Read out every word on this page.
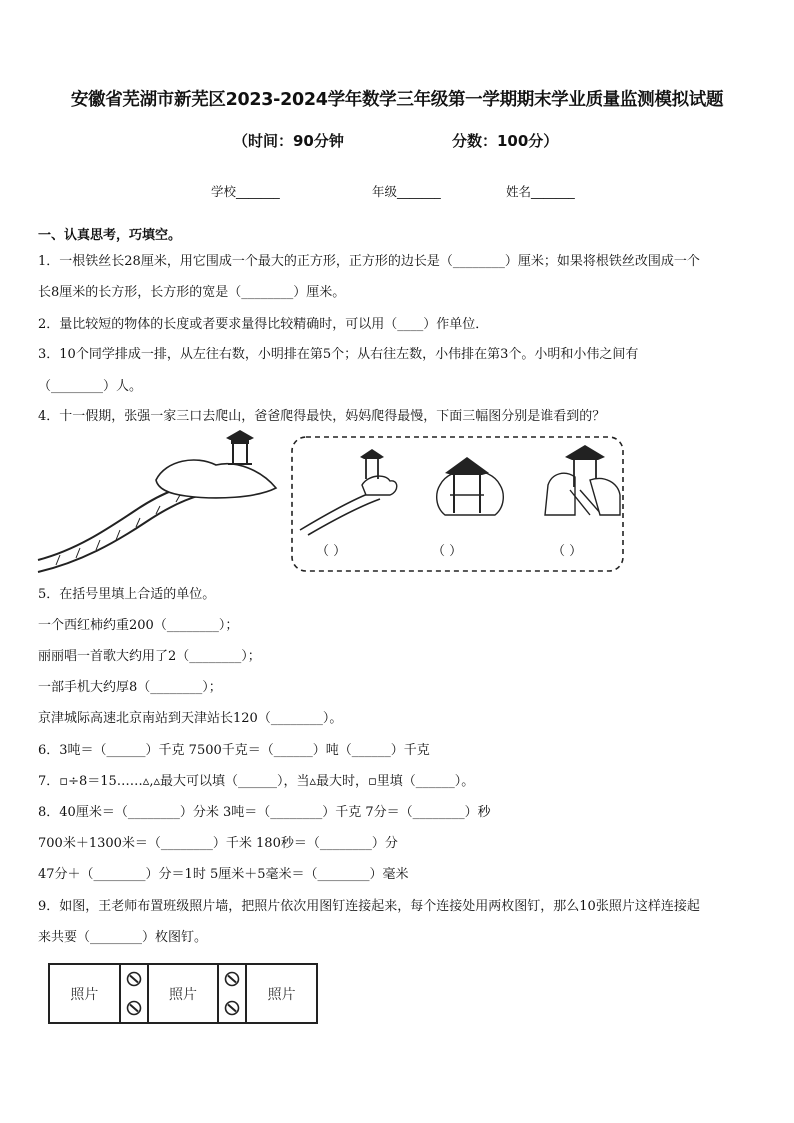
安徽省芜湖市新芜区2023-2024学年数学三年级第一学期期末学业质量监测模拟试题
（时间：90分钟	分数：100分）
学校_______	年级_______	姓名_______
一、认真思考，巧填空。
1．一根铁丝长28厘米，用它围成一个最大的正方形，正方形的边长是（________）厘米；如果将根铁丝改围成一个
长8厘米的长方形，长方形的宽是（________）厘米。
2．量比较短的物体的长度或者要求量得比较精确时，可以用（____）作单位．
3．10个同学排成一排，从左往右数，小明排在第5个；从右往左数，小伟排在第3个。小明和小伟之间有
（________）人。
4．十一假期，张强一家三口去爬山，爸爸爬得最快，妈妈爬得最慢，下面三幅图分别是谁看到的？
（ ）	（ ）	（ ）
5．在括号里填上合适的单位。
一个西红柿约重200（________）；
丽丽唱一首歌大约用了2（________）；
一部手机大约厚8（________）；
京津城际高速北京南站到天津站长120（________）。
6．3吨＝（______）千克 7500千克＝（______）吨（______）千克
7．▫÷8＝15……▵,▵最大可以填（______），当▵最大时，▫里填（______）。
8．40厘米＝（________）分米 3吨＝（________）千克 7分＝（________）秒
700米＋1300米＝（________）千米 180秒＝（________）分
47分＋（________）分＝1时 5厘米＋5毫米＝（________）毫米
9．如图，王老师布置班级照片墙，把照片依次用图钉连接起来，每个连接处用两枚图钉，那么10张照片这样连接起
来共要（________）枚图钉。
照片	照片	照片
